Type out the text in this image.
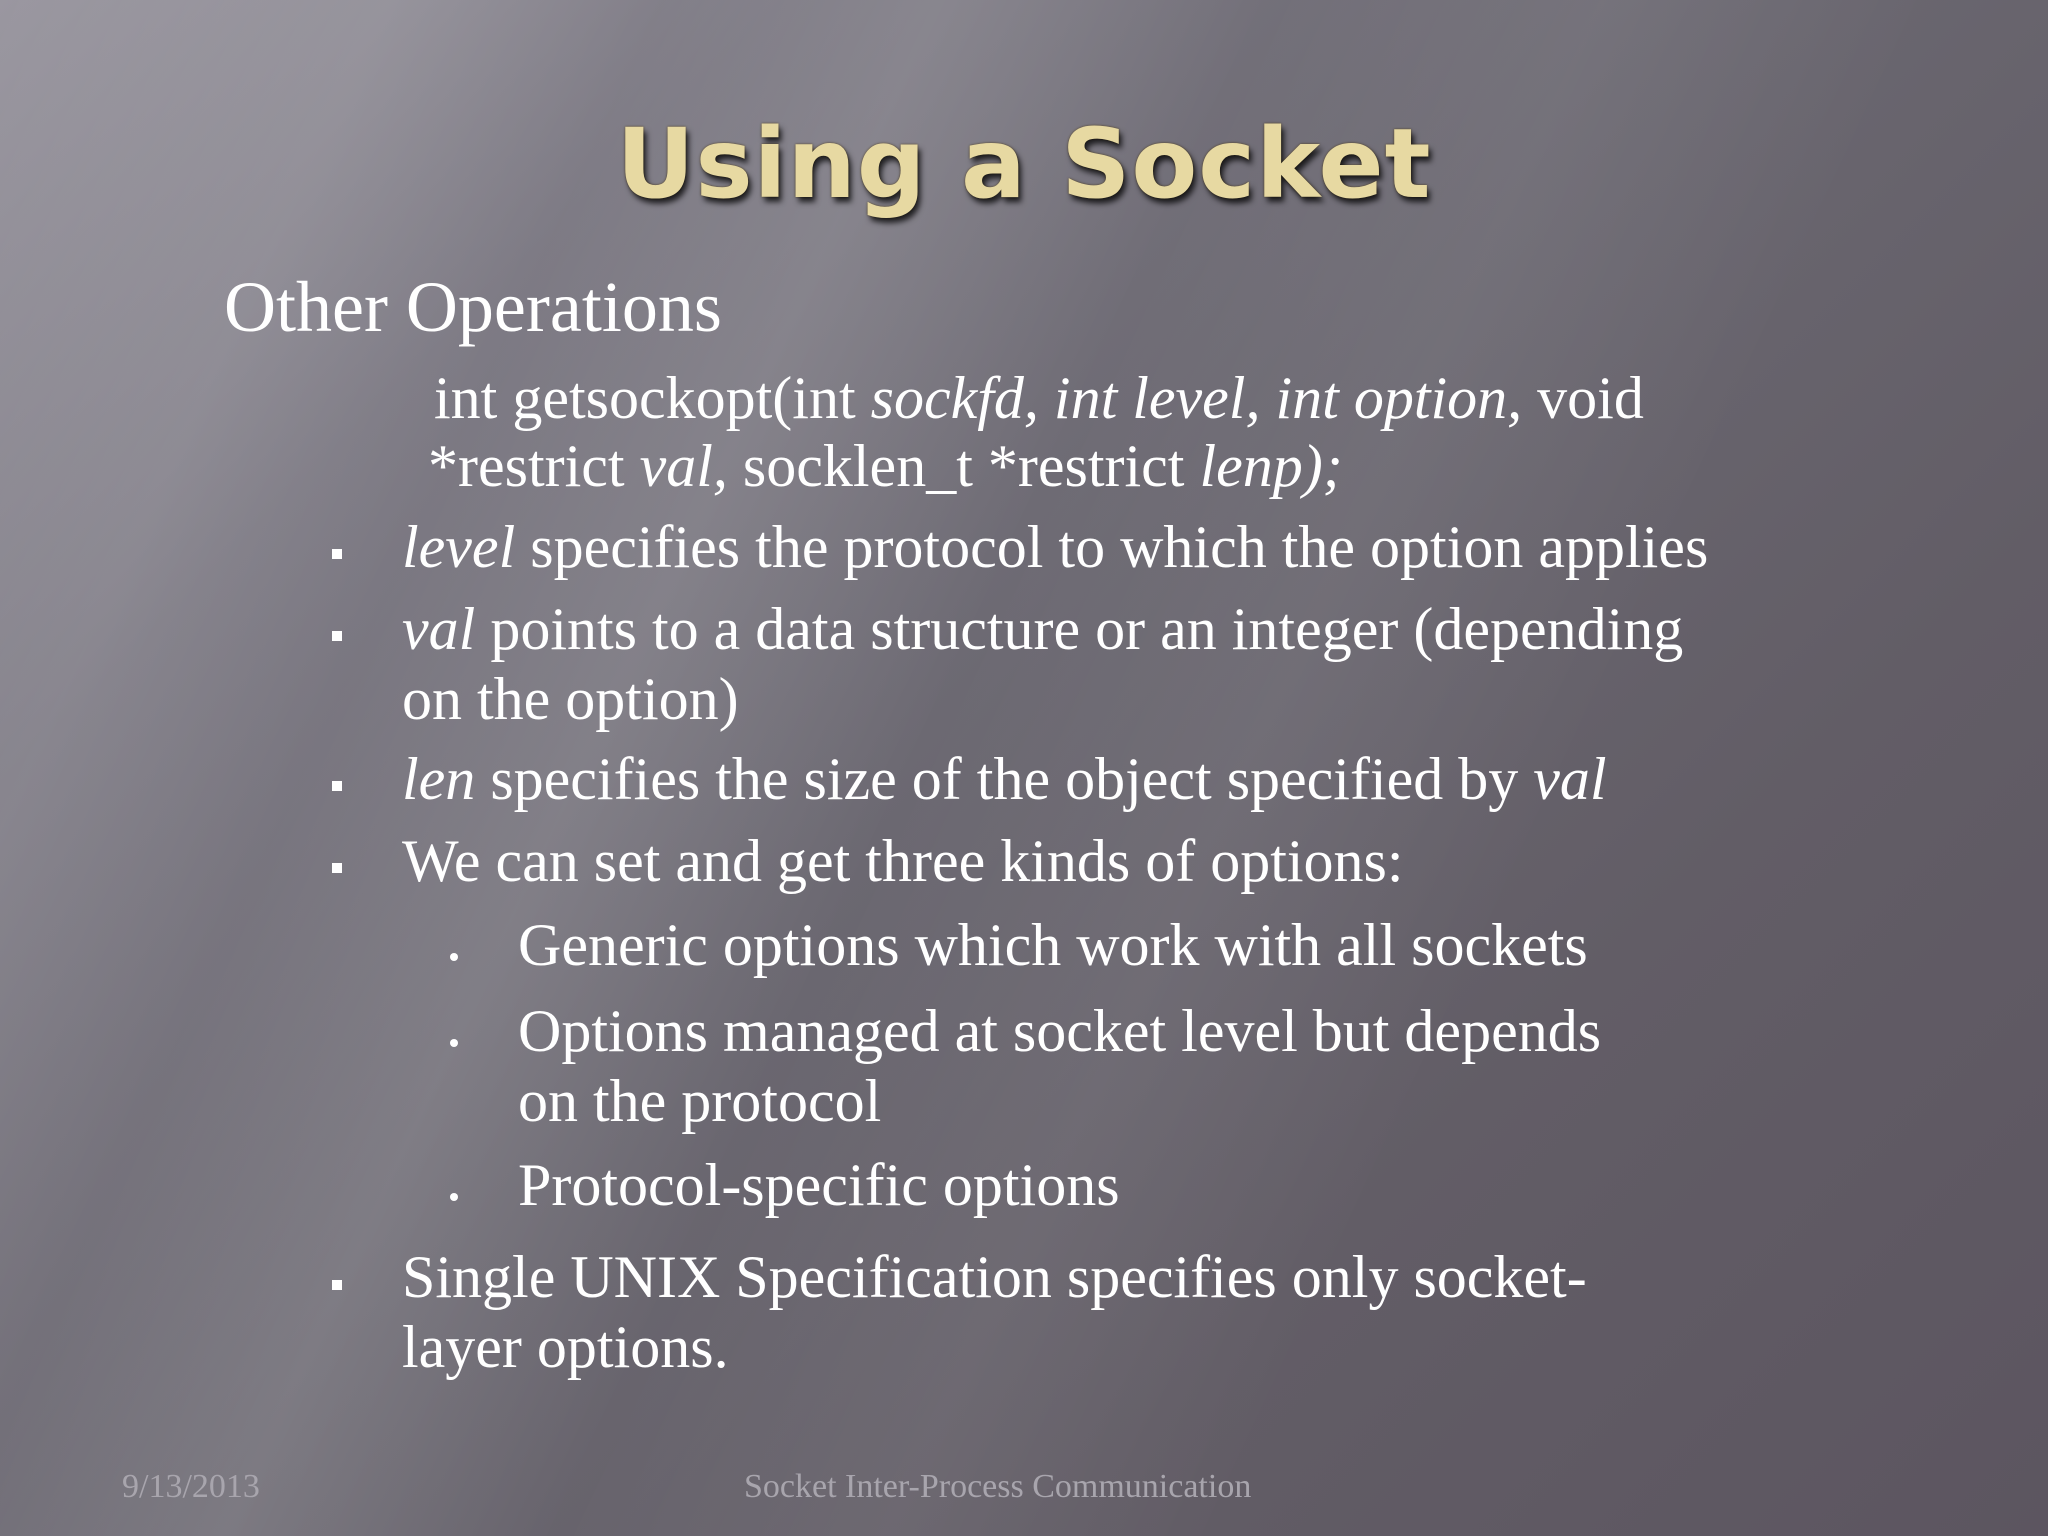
Using a Socket
Other Operations
int getsockopt(int sockfd, int level, int option, void
*restrict val, socklen_t *restrict lenp);
level specifies the protocol to which the option applies
val points to a data structure or an integer (depending
on the option)
len specifies the size of the object specified by val
We can set and get three kinds of options:
Generic options which work with all sockets
Options managed at socket level but depends
on the protocol
Protocol-specific options
Single UNIX Specification specifies only socket-
layer options.
9/13/2013	Socket Inter-Process Communication
